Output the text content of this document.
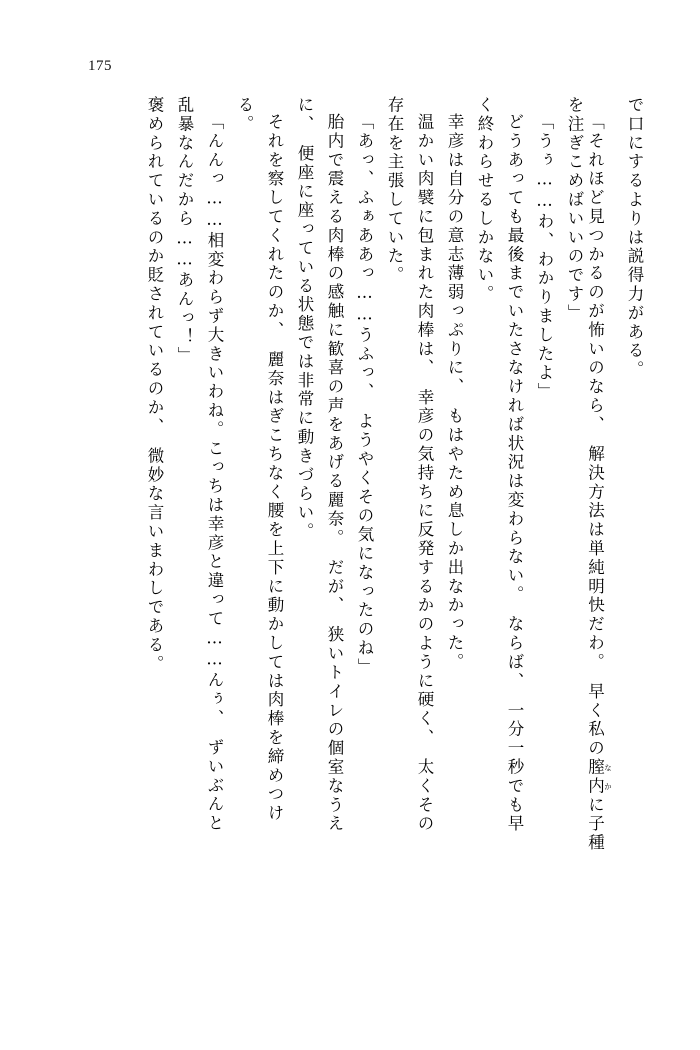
175
で口にするよりは説得力がある。
「それほど見つかるのが怖いのなら、　解決方法は単純明快だわ。　早く私の膣内 なかに子種
を注ぎこめばいいのです」
「うぅ……わ、わかりましたよ」
どうあっても最後までいたさなければ状況は変わらない。　ならば、　一分一秒でも早
く終わらせるしかない。
幸彦は自分の意志薄弱っぷりに、　もはやため息しか出なかった。
温かい肉襞に包まれた肉棒は、　幸彦の気持ちに反発するかのように硬く、　太くその
存在を主張していた。
「あっ、ふぁああっ……うふっ、　ようやくその気になったのね」
胎内で震える肉棒の感触に歓喜の声をあげる麗奈。　だが、　狭いトイレの個室なうえ
に、　便座に座っている状態では非常に動きづらい。
それを察してくれたのか、　麗奈はぎこちなく腰を上下に動かしては肉棒を締めつけ
る。
「んんっ……相変わらず大きいわね。こっちは幸彦と違って……んぅ、　ずいぶんと
乱暴なんだから……あんっ！」
褒められているのか貶されているのか、　微妙な言いまわしである。
